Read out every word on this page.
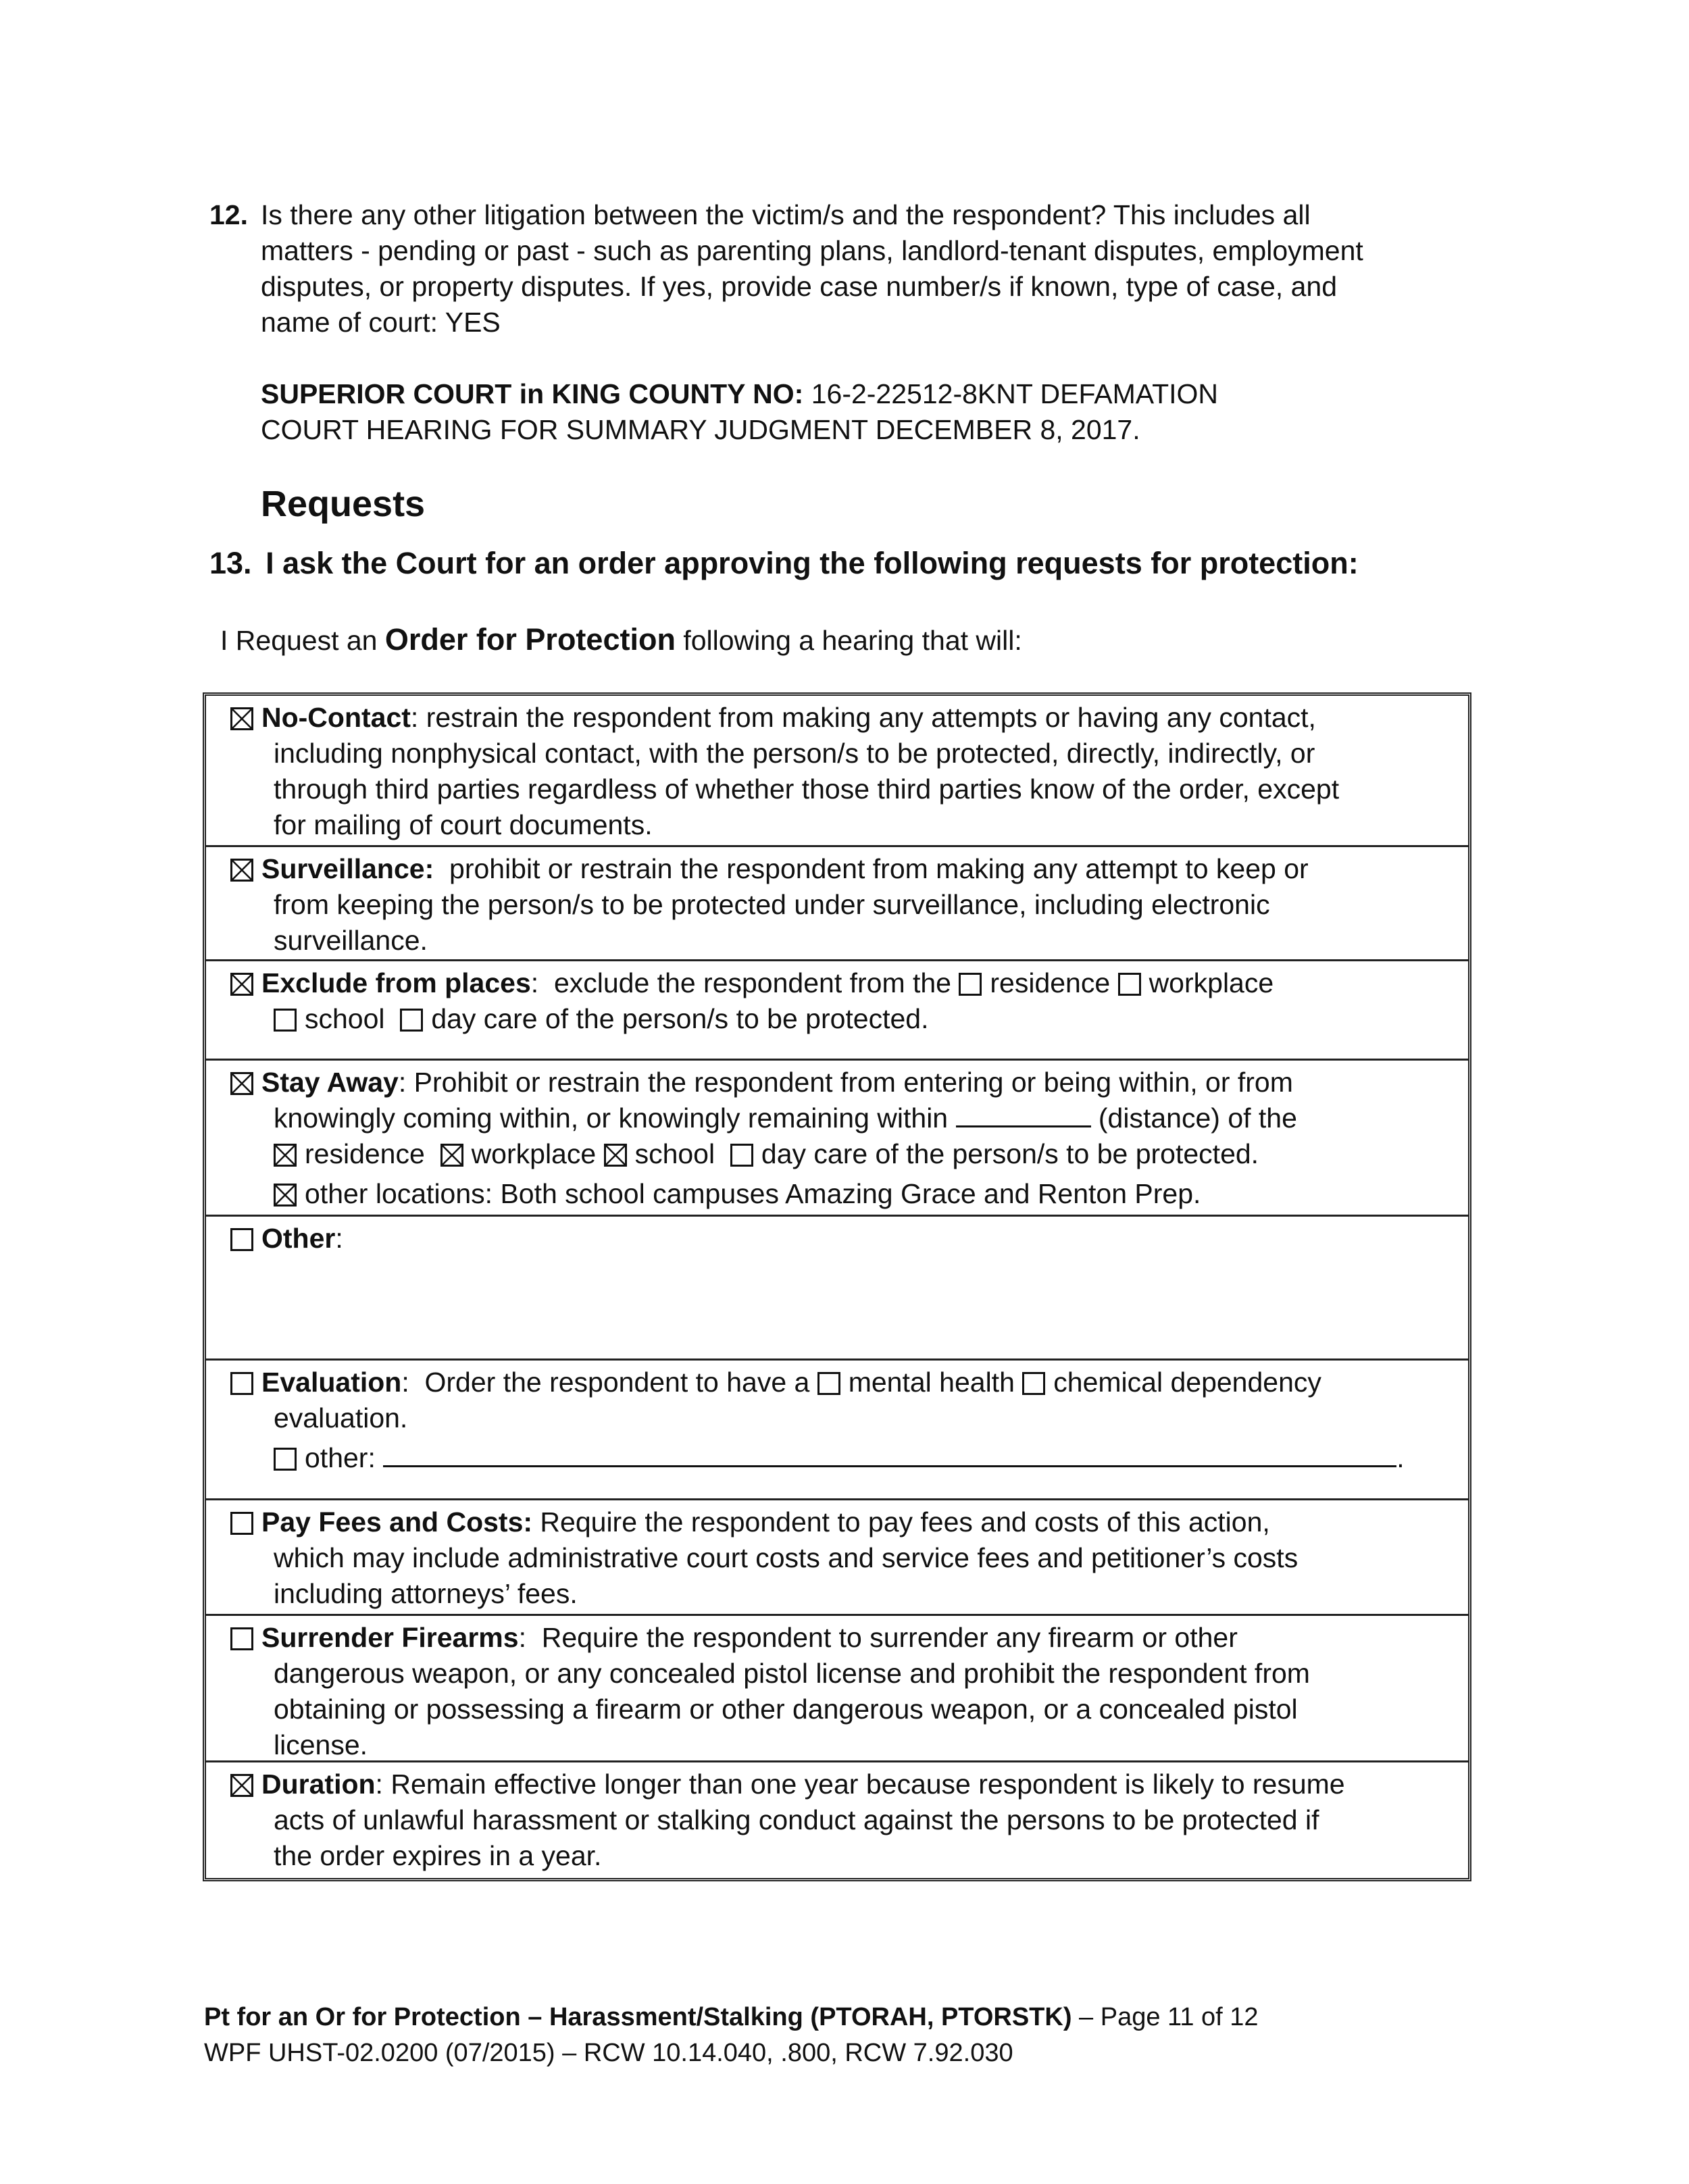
12. Is there any other litigation between the victim/s and the respondent? This includes all
matters - pending or past - such as parenting plans, landlord-tenant disputes, employment
disputes, or property disputes. If yes, provide case number/s if known, type of case, and
name of court: YES
SUPERIOR COURT in KING COUNTY NO: 16-2-22512-8KNT DEFAMATION
COURT HEARING FOR SUMMARY JUDGMENT DECEMBER 8, 2017.
Requests
13. I ask the Court for an order approving the following requests for protection:
I Request an Order for Protection following a hearing that will:
No-Contact: restrain the respondent from making any attempts or having any contact,
including nonphysical contact, with the person/s to be protected, directly, indirectly, or
through third parties regardless of whether those third parties know of the order, except
for mailing of court documents.
Surveillance:  prohibit or restrain the respondent from making any attempt to keep or
from keeping the person/s to be protected under surveillance, including electronic
surveillance.
Exclude from places:  exclude the respondent from the residence workplace
school day care of the person/s to be protected.
Stay Away: Prohibit or restrain the respondent from entering or being within, or from
knowingly coming within, or knowingly remaining within	(distance) of the
residence workplace school day care of the person/s to be protected.
other locations: Both school campuses Amazing Grace and Renton Prep.
Other:
Evaluation:  Order the respondent to have a mental health chemical dependency
evaluation.
other:	.
Pay Fees and Costs: Require the respondent to pay fees and costs of this action,
which may include administrative court costs and service fees and petitioner’s costs
including attorneys’ fees.
Surrender Firearms:  Require the respondent to surrender any firearm or other
dangerous weapon, or any concealed pistol license and prohibit the respondent from
obtaining or possessing a firearm or other dangerous weapon, or a concealed pistol
license.
Duration: Remain effective longer than one year because respondent is likely to resume
acts of unlawful harassment or stalking conduct against the persons to be protected if
the order expires in a year.
Pt for an Or for Protection – Harassment/Stalking (PTORAH, PTORSTK) – Page 11 of 12
WPF UHST-02.0200 (07/2015) – RCW 10.14.040, .800, RCW 7.92.030
